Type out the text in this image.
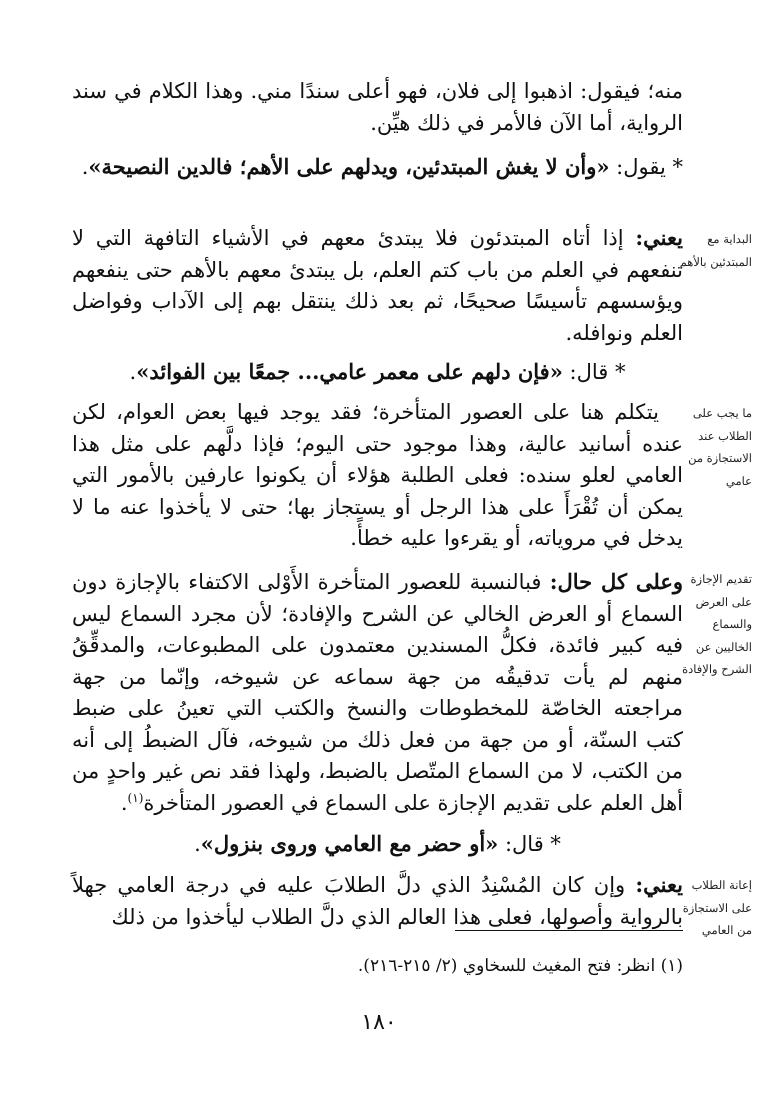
منه؛ فيقول: اذهبوا إلى فلان، فهو أعلى سندًا مني. وهذا الكلام في سند الرواية، أما الآن فالأمر في ذلك هيِّن.

* يقول: «وأن لا يغش المبتدئين، ويدلهم على الأهم؛ فالدين النصيحة».

يعني: إذا أتاه المبتدئون فلا يبتدئ معهم في الأشياء التافهة التي لا تنفعهم في العلم من باب كتم العلم، بل يبتدئ معهم بالأهم حتى ينفعهم ويؤسسهم تأسيسًا صحيحًا، ثم بعد ذلك ينتقل بهم إلى الآداب وفواضل العلم ونوافله.

* قال: «فإن دلهم على معمر عامي... جمعًا بين الفوائد».

يتكلم هنا على العصور المتأخرة؛ فقد يوجد فيها بعض العوام، لكن عنده أسانيد عالية، وهذا موجود حتى اليوم؛ فإذا دلَّهم على مثل هذا العامي لعلو سنده: فعلى الطلبة هؤلاء أن يكونوا عارفين بالأمور التي يمكن أن تُقْرَأَ على هذا الرجل أو يستجاز بها؛ حتى لا يأخذوا عنه ما لا يدخل في مروياته، أو يقرءوا عليه خطأً.

وعلى كل حال: فبالنسبة للعصور المتأخرة الأَوْلى الاكتفاء بالإجازة دون السماع أو العرض الخالي عن الشرح والإفادة؛ لأن مجرد السماع ليس فيه كبير فائدة، فكلُّ المسندين معتمدون على المطبوعات، والمدقِّقُ منهم لم يأت تدقيقُه من جهة سماعه عن شيوخه، وإنّما من جهة مراجعته الخاصّة للمخطوطات والنسخ والكتب التي تعينُ على ضبط كتب السنّة، أو من جهة من فعل ذلك من شيوخه، فآل الضبطُ إلى أنه من الكتب، لا من السماع المتّصل بالضبط، ولهذا فقد نص غير واحدٍ من أهل العلم على تقديم الإجازة على السماع في العصور المتأخرة$^{(١)}$.

* قال: «أو حضر مع العامي وروى بنزول».

يعني: وإن كان المُسْنِدُ الذي دلَّ الطلابَ عليه في درجة العامي جهلاً بالرواية وأصولها، فعلى هذا العالم الذي دلَّ الطلاب ليأخذوا من ذلك

البداية مع المبتدئين بالأهم
ما يجب على الطلاب عند الاستجازة من عامي
تقديم الإجازة على العرض والسماع الخاليين عن الشرح والإفادة
إعانة الطلاب على الاستجازة من العامي
(١) انظر: فتح المغيث للسخاوي (٢/ ٢١٥-٢١٦).
١٨٠
